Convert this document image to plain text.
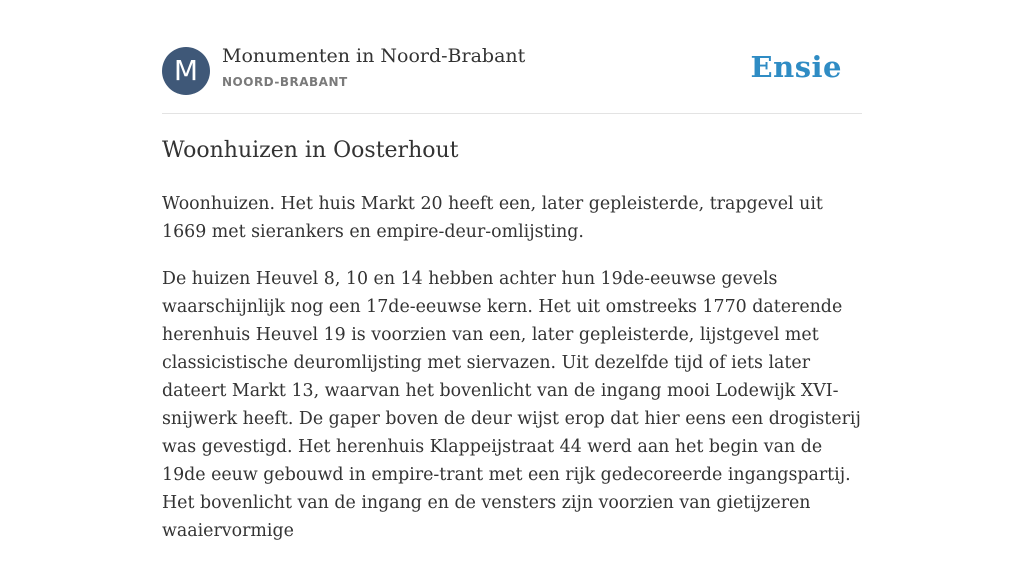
M	Monumenten in Noord-Brabant
NOORD-BRABANT	Ensie
Woonhuizen in Oosterhout

Woonhuizen. Het huis Markt 20 heeft een, later gepleisterde, trapgevel uit 1669 met sierankers en empire-deur-omlijsting.

De huizen Heuvel 8, 10 en 14 hebben achter hun 19de-eeuwse gevels waarschijnlijk nog een 17de-eeuwse kern. Het uit omstreeks 1770 daterende herenhuis Heuvel 19 is voorzien van een, later gepleisterde, lijstgevel met classicistische deuromlijsting met siervazen. Uit dezelfde tijd of iets later dateert Markt 13, waarvan het bovenlicht van de ingang mooi Lodewijk XVI-snijwerk heeft. De gaper boven de deur wijst erop dat hier eens een drogisterij was gevestigd. Het herenhuis Klappeijstraat 44 werd aan het begin van de 19de eeuw gebouwd in empire-trant met een rijk gedecoreerde ingangspartij. Het bovenlicht van de ingang en de vensters zijn voorzien van gietijzeren waaiervormige
